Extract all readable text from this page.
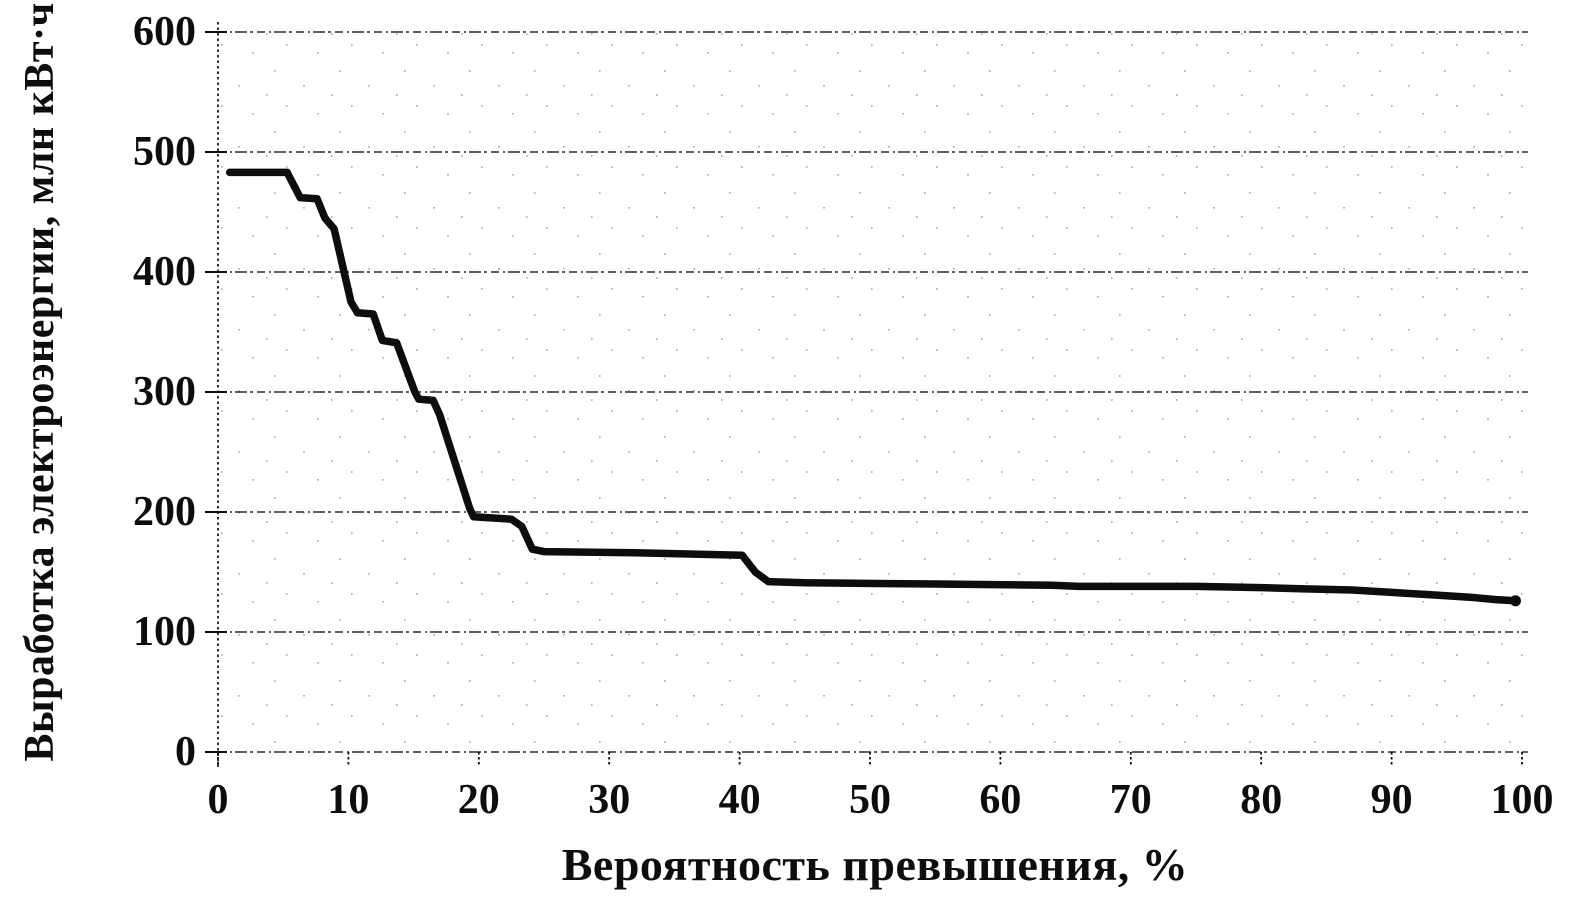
Выработка электроэнергии, млн кВт·ч
Вероятность превышения, %
0
100
200
300
400
500
600
0	10	20	30	40	50	60	70	80	90	100
